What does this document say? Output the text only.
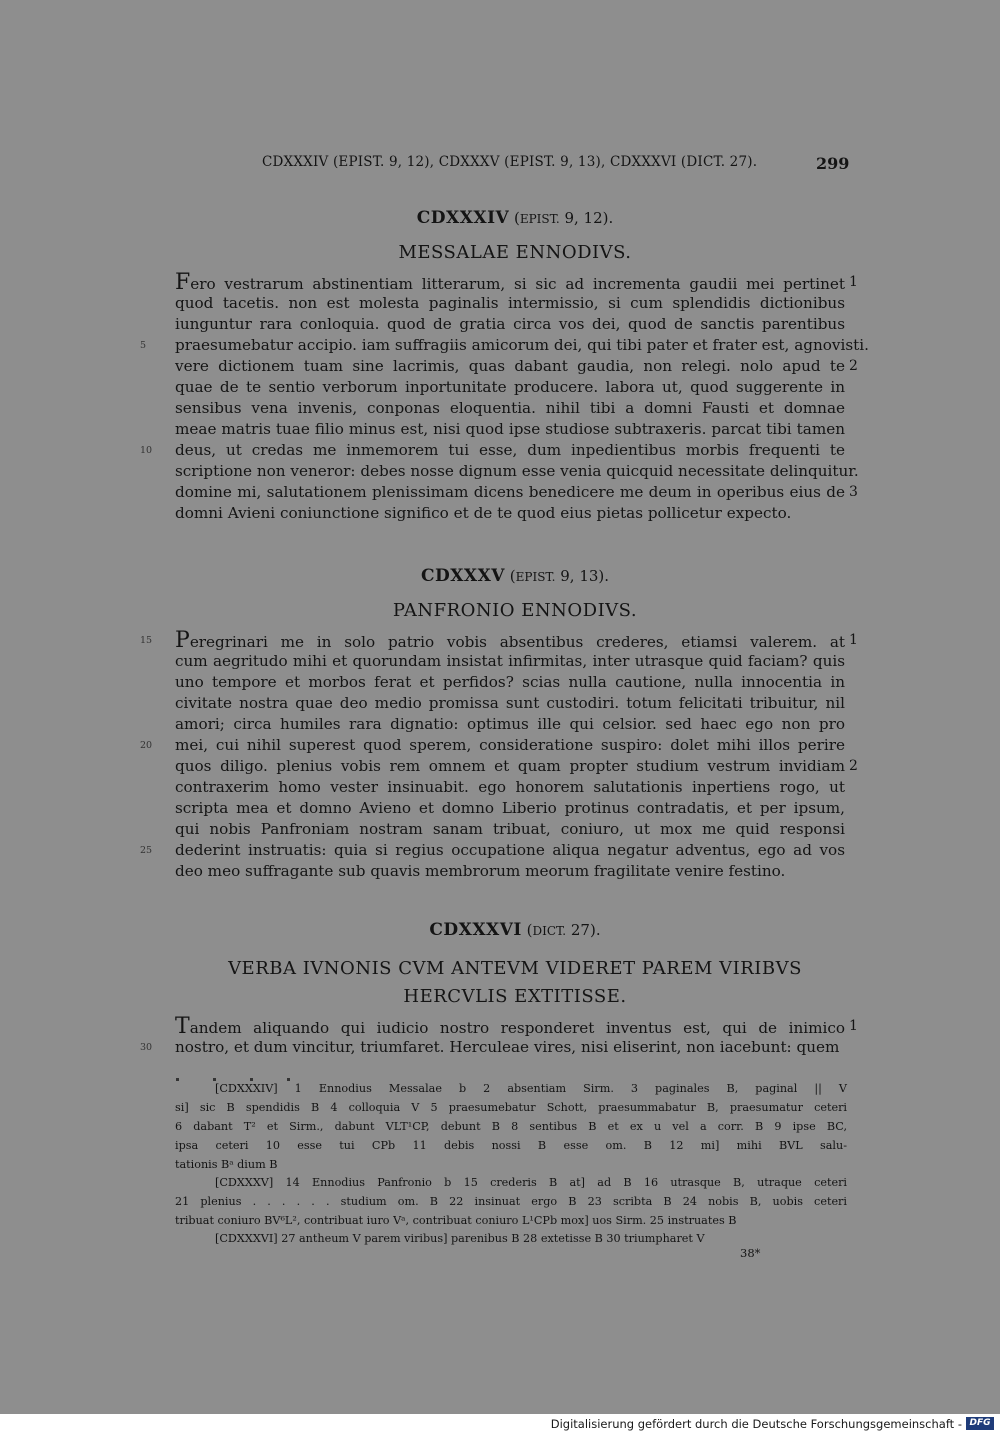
CDXXXIV (EPIST. 9, 12), CDXXXV (EPIST. 9, 13), CDXXXVI (DICT. 27).	299
CDXXXIV (EPIST. 9, 12).
MESSALAE ENNODIVS.
Fero vestrarum abstinentiam litterarum, si sic ad incrementa gaudii mei pertinet 1
quod tacetis. non est molesta paginalis intermissio, si cum splendidis dictionibus
iunguntur rara conloquia. quod de gratia circa vos dei, quod de sanctis parentibus
praesumebatur accipio. iam suffragiis amicorum dei, qui tibi pater et frater est, agnovisti.
5
vere dictionem tuam sine lacrimis, quas dabant gaudia, non relegi. nolo apud te 2
quae de te sentio verborum inportunitate producere. labora ut, quod suggerente in
sensibus vena invenis, conponas eloquentia. nihil tibi a domni Fausti et domnae
meae matris tuae filio minus est, nisi quod ipse studiose subtraxeris. parcat tibi tamen
deus, ut credas me inmemorem tui esse, dum inpedientibus morbis frequenti te
10
scriptione non veneror: debes nosse dignum esse venia quicquid necessitate delinquitur.
domine mi, salutationem plenissimam dicens benedicere me deum in operibus eius de 3
domni Avieni coniunctione significo et de te quod eius pietas pollicetur expecto.
CDXXXV (EPIST. 9, 13).
PANFRONIO ENNODIVS.
Peregrinari me in solo patrio vobis absentibus crederes, etiamsi valerem. at
15	1
cum aegritudo mihi et quorundam insistat infirmitas, inter utrasque quid faciam? quis
uno tempore et morbos ferat et perfidos? scias nulla cautione, nulla innocentia in
civitate nostra quae deo medio promissa sunt custodiri. totum felicitati tribuitur, nil
amori; circa humiles rara dignatio: optimus ille qui celsior. sed haec ego non pro
mei, cui nihil superest quod sperem, consideratione suspiro: dolet mihi illos perire
20
quos diligo. plenius vobis rem omnem et quam propter studium vestrum invidiam 2
contraxerim homo vester insinuabit. ego honorem salutationis inpertiens rogo, ut
scripta mea et domno Avieno et domno Liberio protinus contradatis, et per ipsum,
qui nobis Panfroniam nostram sanam tribuat, coniuro, ut mox me quid responsi
dederint instruatis: quia si regius occupatione aliqua negatur adventus, ego ad vos
25
deo meo suffragante sub quavis membrorum meorum fragilitate venire festino.
CDXXXVI (DICT. 27).
VERBA IVNONIS CVM ANTEVM VIDERET PAREM VIRIBVS
HERCVLIS EXTITISSE.
Tandem aliquando qui iudicio nostro responderet inventus est, qui de inimico 1
nostro, et dum vincitur, triumfaret. Herculeae vires, nisi eliserint, non iacebunt: quem
30
[CDXXXIV] 1 Ennodius Messalae b 2 absentiam Sirm. 3 paginales B, paginal || V
si] sic B spendidis B 4 colloquia V 5 praesumebatur Schott, praesummabatur B, praesumatur ceteri
6 dabant T² et Sirm., dabunt VLT¹CP, debunt B 8 sentibus B et ex u vel a corr. B 9 ipse BC,
ipsa ceteri 10 esse tui CPb 11 debis nossi B esse om. B 12 mi] mihi BVL salu-
tationis Bᵃ dium B
[CDXXXV] 14 Ennodius Panfronio b 15 crederis B at] ad B 16 utrasque B, utraque ceteri
21 plenius . . . . . . studium om. B 22 insinuat ergo B 23 scribta B 24 nobis B, uobis ceteri
tribuat coniuro BV⁶L², contribuat iuro Vᵃ, contribuat coniuro L¹CPb mox] uos Sirm. 25 instruates B
[CDXXXVI] 27 antheum V parem viribus] parenibus B 28 extetisse B 30 triumpharet V
38*
Digitalisierung gefördert durch die Deutsche Forschungsgemeinschaft - DFG
